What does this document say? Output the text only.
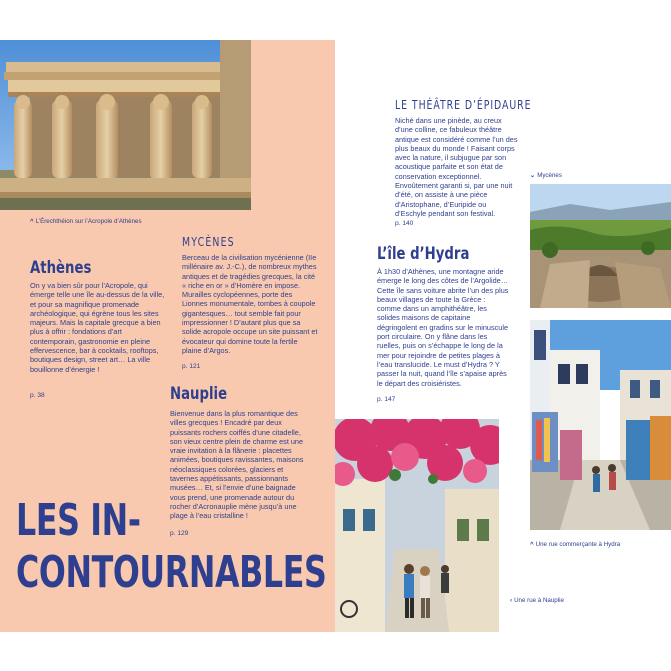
^ L’Érechthéion sur l’Acropole d’Athènes
Athènes

On y va bien sûr pour l’Acropole, qui émerge telle une île au-dessus de la ville, et pour sa magnifique promenade archéologique, qui égrène tous les sites majeurs. Mais la capitale grecque a bien plus à offrir : fondations d’art contemporain, gastronomie en pleine effervescence, bar à cocktails, rooftops, boutiques design, street art… La ville bouillonne d’énergie !

p. 38
MYCÈNES

Berceau de la civilisation mycénienne (IIe millénaire av. J.-C.), de nombreux mythes antiques et de tragédies grecques, la cité « riche en or » d’Homère en impose. Murailles cyclopéennes, porte des Lionnes monumentale, tombes à coupole gigantesques… tout semble fait pour impressionner ! D’autant plus que sa solide acropole occupe un site puissant et évocateur qui domine toute la fertile plaine d’Argos.

p. 121
Nauplie

Bienvenue dans la plus romantique des villes grecques ! Encadré par deux puissants rochers coiffés d’une citadelle, son vieux centre plein de charme est une vraie invitation à la flânerie : placettes animées, boutiques ravissantes, maisons néoclassiques colorées, glaciers et tavernes appétissants, passionnants musées… Et, si l’envie d’une baignade vous prend, une promenade autour du rocher d’Acronauplie mène jusqu’à une plage à l’eau cristalline !

p. 129
LES IN-
CONTOURNABLES
LE THÉÂTRE D’ÉPIDAURE

Niché dans une pinède, au creux d’une colline, ce fabuleux théâtre antique est considéré comme l’un des plus beaux du monde ! Faisant corps avec la nature, il subjugue par son acoustique parfaite et son état de conservation exceptionnel. Envoûtement garanti si, par une nuit d’été, on assiste à une pièce d’Aristophane, d’Euripide ou d’Eschyle pendant son festival.

p. 140
L’île d’Hydra

À 1h30 d’Athènes, une montagne aride émerge le long des côtes de l’Argolide… Cette île sans voiture abrite l’un des plus beaux villages de toute la Grèce : comme dans un amphithéâtre, les solides maisons de capitaine dégringolent en gradins sur le minuscule port circulaire. On y flâne dans les ruelles, puis on s’échappe le long de la mer pour rejoindre de petites plages à l’eau translucide. Le must d’Hydra ? Y passer la nuit, quand l’île s’apaise après le départ des croisiéristes.

p. 147
⌄ Mycènes
^ Une rue commerçante à Hydra
‹ Une rue à Nauplie
